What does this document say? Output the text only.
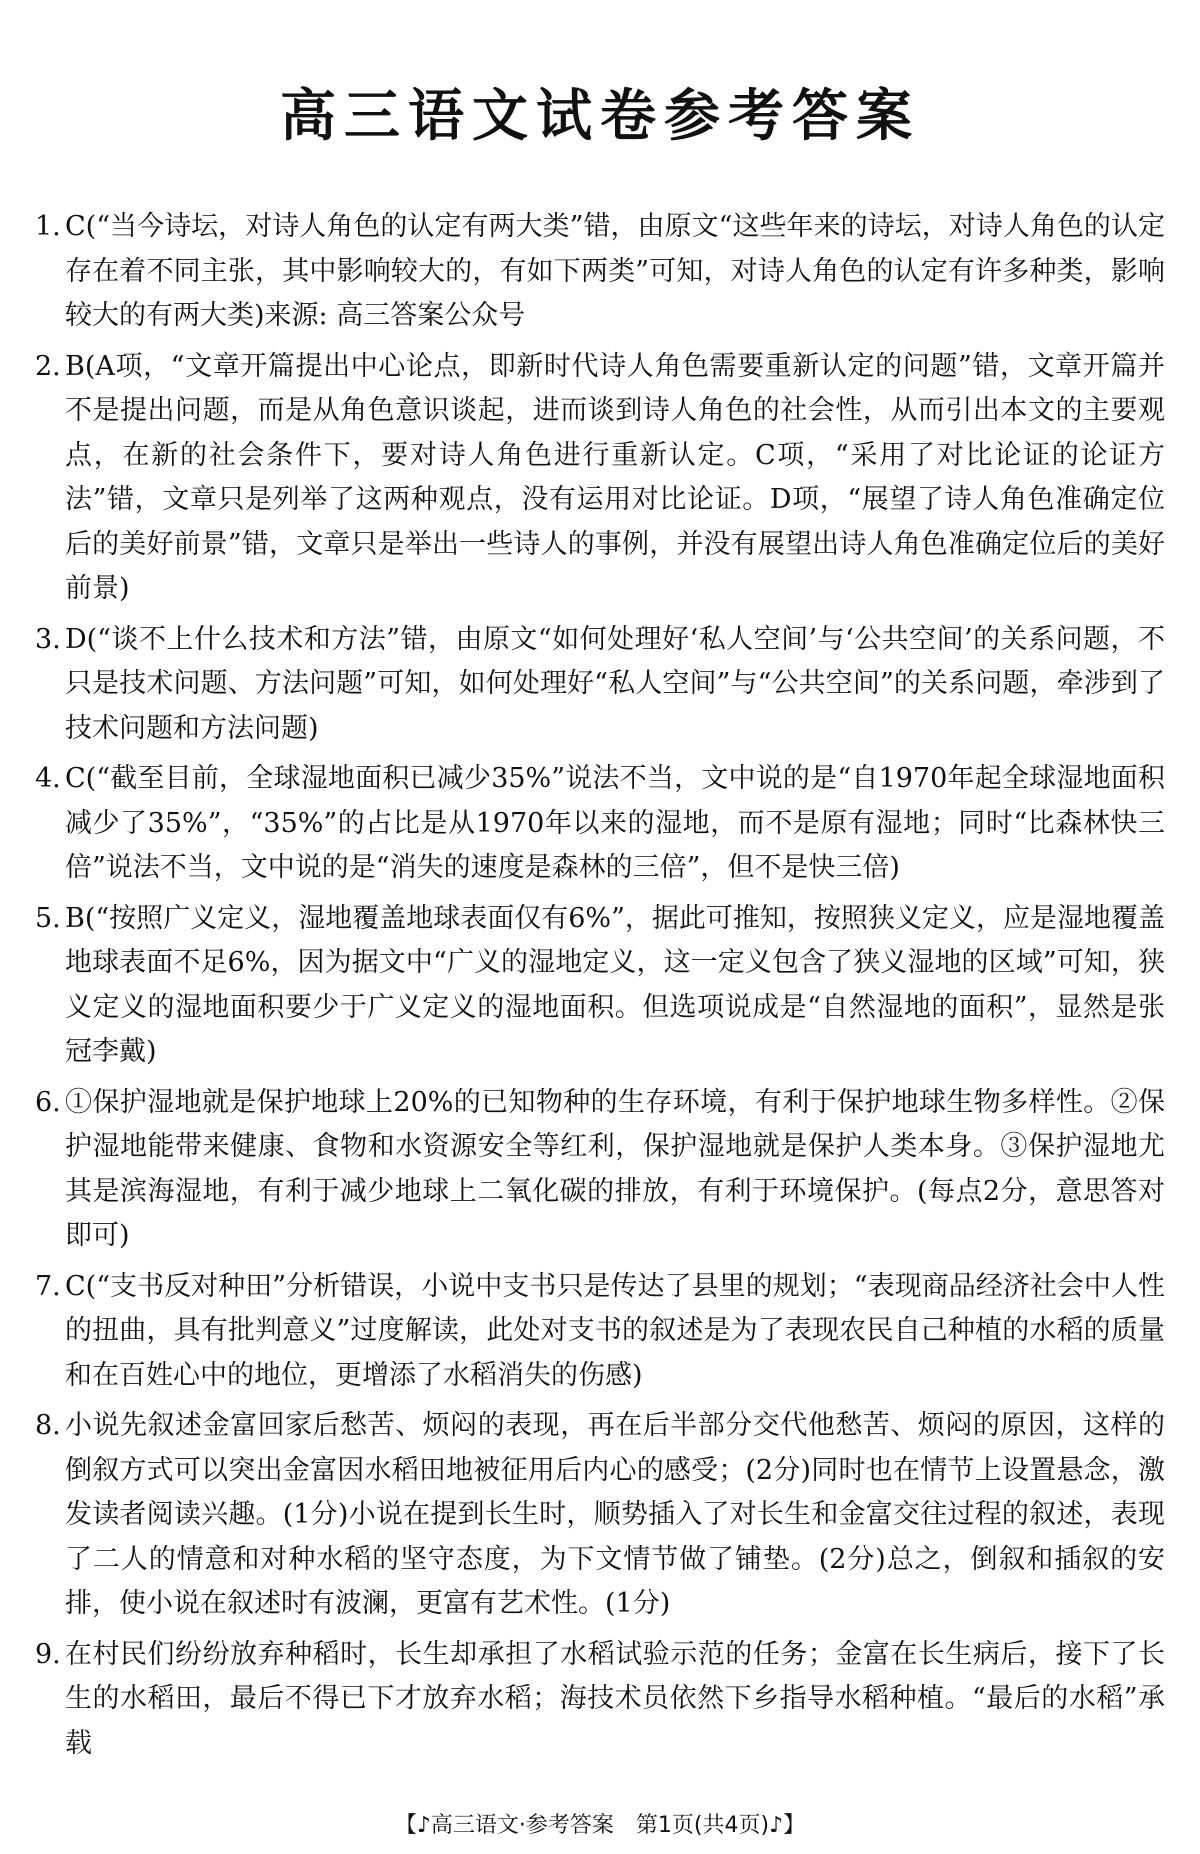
高三语文试卷参考答案
1. C(“当今诗坛，对诗人角色的认定有两大类”错，由原文“这些年来的诗坛，对诗人角色的认定存在着不同主张，其中影响较大的，有如下两类”可知，对诗人角色的认定有许多种类，影响较大的有两大类)来源: 高三答案公众号
2. B(A项，“文章开篇提出中心论点，即新时代诗人角色需要重新认定的问题”错，文章开篇并不是提出问题，而是从角色意识谈起，进而谈到诗人角色的社会性，从而引出本文的主要观点，在新的社会条件下，要对诗人角色进行重新认定。C项，“采用了对比论证的论证方法”错，文章只是列举了这两种观点，没有运用对比论证。D项，“展望了诗人角色准确定位后的美好前景”错，文章只是举出一些诗人的事例，并没有展望出诗人角色准确定位后的美好前景)
3. D(“谈不上什么技术和方法”错，由原文“如何处理好‘私人空间’与‘公共空间’的关系问题，不只是技术问题、方法问题”可知，如何处理好“私人空间”与“公共空间”的关系问题，牵涉到了技术问题和方法问题)
4. C(“截至目前，全球湿地面积已减少35%”说法不当，文中说的是“自1970年起全球湿地面积减少了35%”，“35%”的占比是从1970年以来的湿地，而不是原有湿地；同时“比森林快三倍”说法不当，文中说的是“消失的速度是森林的三倍”，但不是快三倍)
5. B(“按照广义定义，湿地覆盖地球表面仅有6%”，据此可推知，按照狭义定义，应是湿地覆盖地球表面不足6%，因为据文中“广义的湿地定义，这一定义包含了狭义湿地的区域”可知，狭义定义的湿地面积要少于广义定义的湿地面积。但选项说成是“自然湿地的面积”，显然是张冠李戴)
6. ①保护湿地就是保护地球上20%的已知物种的生存环境，有利于保护地球生物多样性。②保护湿地能带来健康、食物和水资源安全等红利，保护湿地就是保护人类本身。③保护湿地尤其是滨海湿地，有利于减少地球上二氧化碳的排放，有利于环境保护。(每点2分，意思答对即可)
7. C(“支书反对种田”分析错误，小说中支书只是传达了县里的规划；“表现商品经济社会中人性的扭曲，具有批判意义”过度解读，此处对支书的叙述是为了表现农民自己种植的水稻的质量和在百姓心中的地位，更增添了水稻消失的伤感)
8. 小说先叙述金富回家后愁苦、烦闷的表现，再在后半部分交代他愁苦、烦闷的原因，这样的倒叙方式可以突出金富因水稻田地被征用后内心的感受；(2分)同时也在情节上设置悬念，激发读者阅读兴趣。(1分)小说在提到长生时，顺势插入了对长生和金富交往过程的叙述，表现了二人的情意和对种水稻的坚守态度，为下文情节做了铺垫。(2分)总之，倒叙和插叙的安排，使小说在叙述时有波澜，更富有艺术性。(1分)
9. 在村民们纷纷放弃种稻时，长生却承担了水稻试验示范的任务；金富在长生病后，接下了长生的水稻田，最后不得已下才放弃水稻；海技术员依然下乡指导水稻种植。“最后的水稻”承载
【♪高三语文·参考答案　第1页(共4页)♪】
